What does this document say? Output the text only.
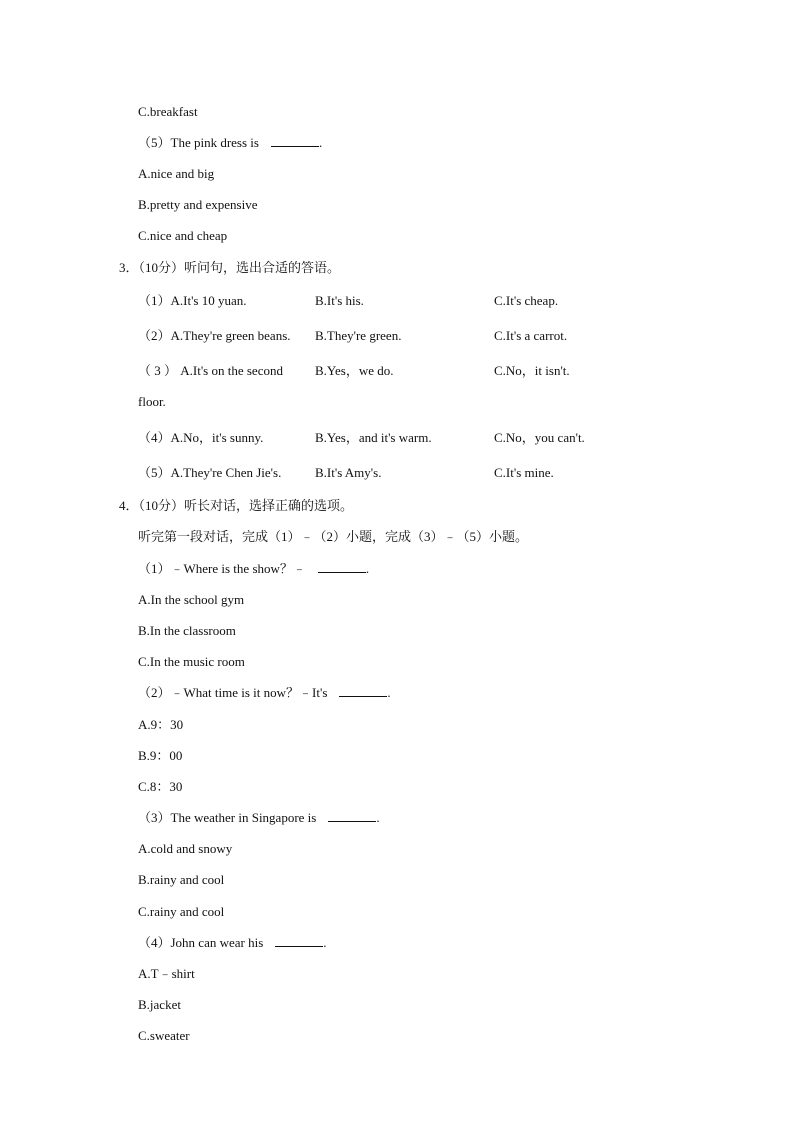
C.breakfast
（5）The pink dress is	.
A.nice and big
B.pretty and expensive
C.nice and cheap
3．（10分）听问句，选出合适的答语。
（1）A.It's 10 yuan.	B.It's his.	C.It's cheap.
（2）A.They're green beans. B.They're green.	C.It's a carrot.
（ 3 ） A.It's on the second B.Yes，we do.	C.No，it isn't.
floor.
（4）A.No，it's sunny.	B.Yes，and it's warm.	C.No，you can't.
（5）A.They're Chen Jie's.	B.It's Amy's.	C.It's mine.
4．（10分）听长对话，选择正确的选项。
听完第一段对话，完成（1）﹣（2）小题，完成（3）﹣（5）小题。
（1）﹣Where is the show？﹣	.
A.In the school gym
B.In the classroom
C.In the music room
（2）﹣What time is it now？﹣It's	.
A.9：30
B.9：00
C.8：30
（3）The weather in Singapore is	.
A.cold and snowy
B.rainy and cool
C.rainy and cool
（4）John can wear his	.
A.T﹣shirt
B.jacket
C.sweater
